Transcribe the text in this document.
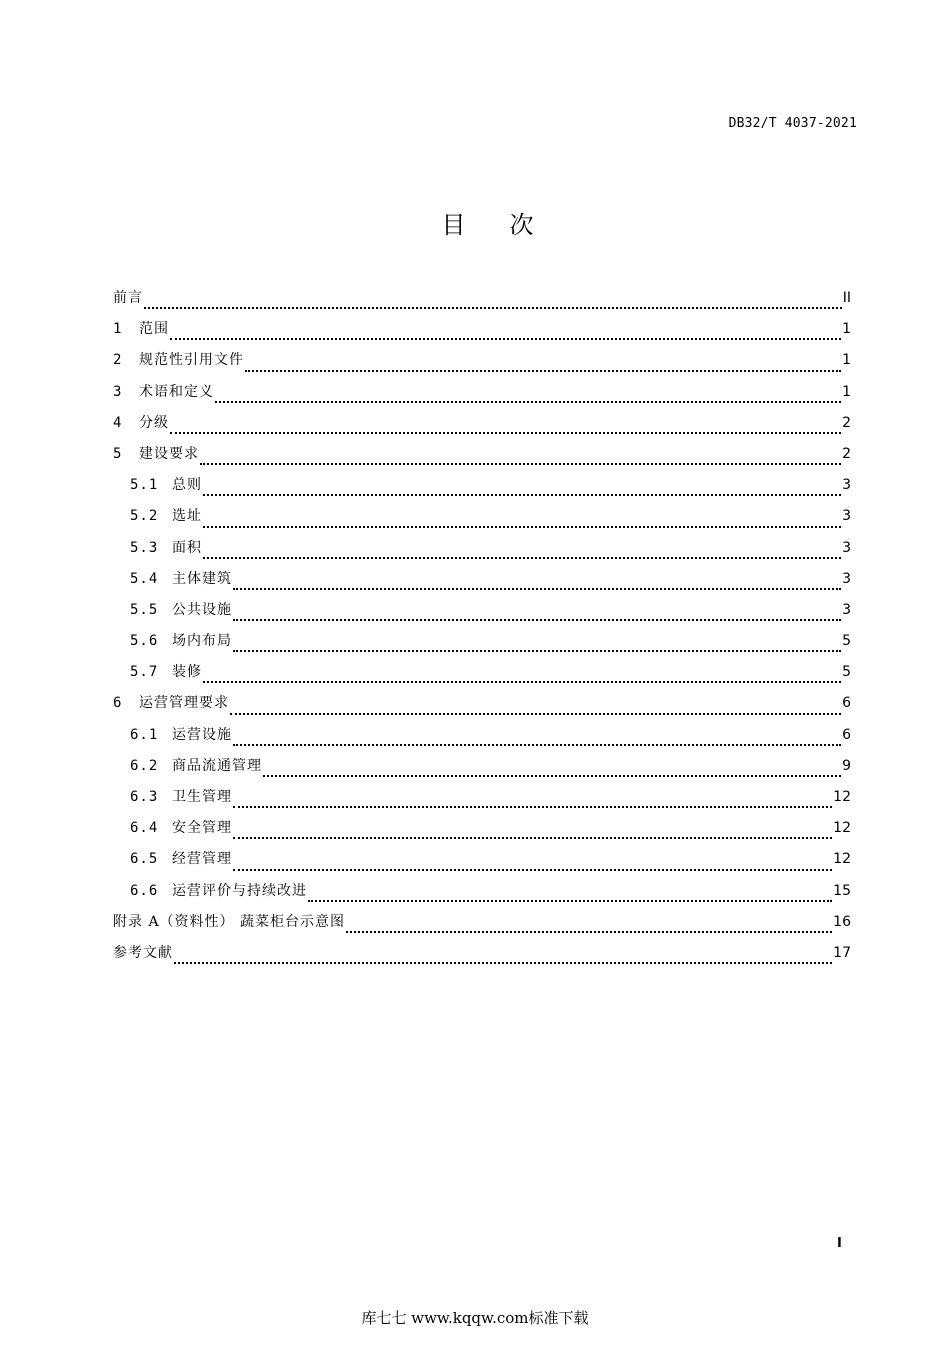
DB32/T 4037-2021
目次
前言	II
1	范围	1
2	规范性引用文件	1
3	术语和定义	1
4	分级	2
5	建设要求	2
5.1 总则	3
5.2 选址	3
5.3 面积	3
5.4 主体建筑	3
5.5 公共设施	3
5.6 场内布局	5
5.7 装修	5
6	运营管理要求	6
6.1 运营设施	6
6.2 商品流通管理	9
6.3 卫生管理	12
6.4 安全管理	12
6.5 经营管理	12
6.6 运营评价与持续改进	15
附录 A（资料性） 蔬菜柜台示意图	16
参考文献	17
I
库七七 www.kqqw.com标准下载
